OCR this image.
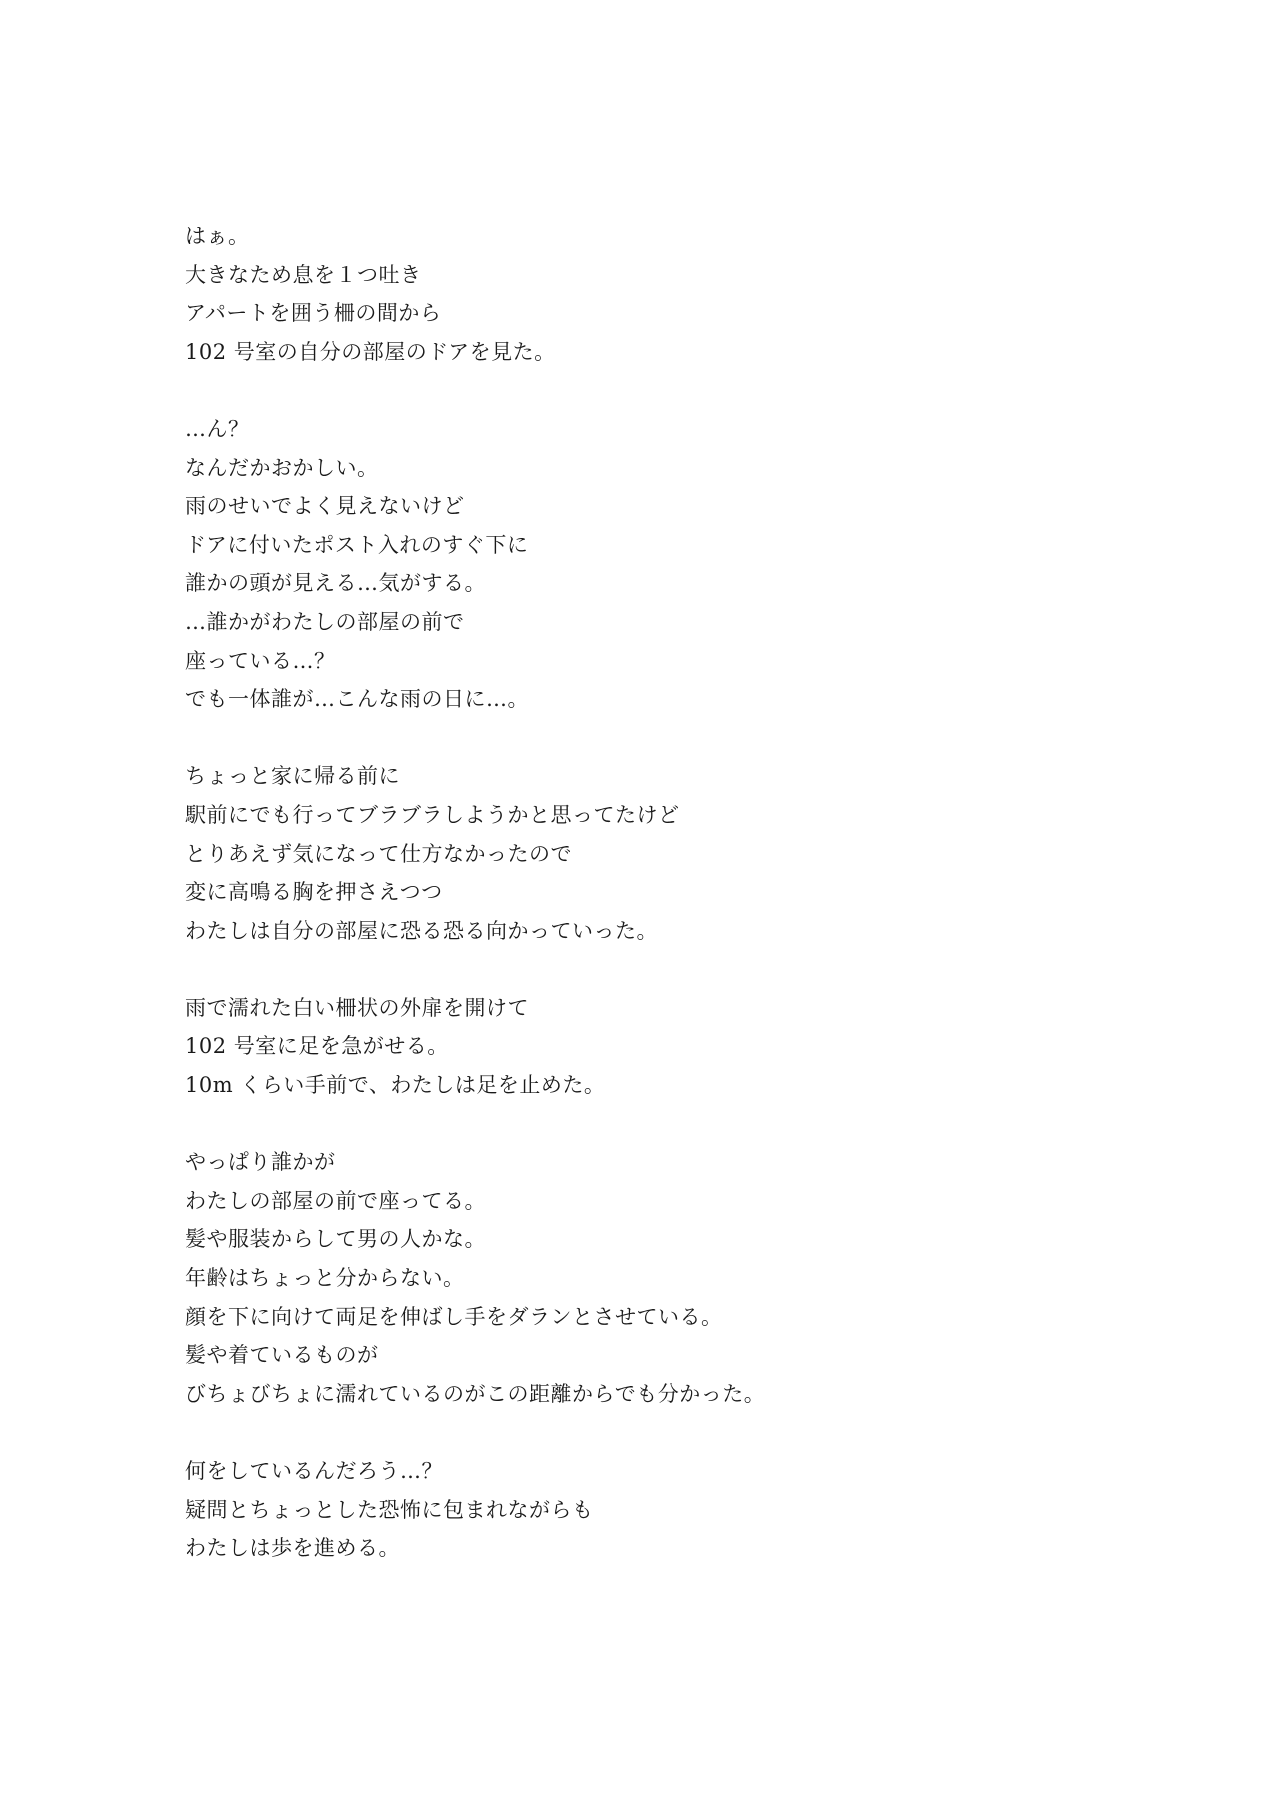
はぁ。
大きなため息を１つ吐き
アパートを囲う柵の間から
102 号室の自分の部屋のドアを見た。
…ん？
なんだかおかしい。
雨のせいでよく見えないけど
ドアに付いたポスト入れのすぐ下に
誰かの頭が見える…気がする。
…誰かがわたしの部屋の前で
座っている…？
でも一体誰が…こんな雨の日に…。
ちょっと家に帰る前に
駅前にでも行ってブラブラしようかと思ってたけど
とりあえず気になって仕方なかったので
変に高鳴る胸を押さえつつ
わたしは自分の部屋に恐る恐る向かっていった。
雨で濡れた白い柵状の外扉を開けて
102 号室に足を急がせる。
10m くらい手前で、わたしは足を止めた。
やっぱり誰かが
わたしの部屋の前で座ってる。
髪や服装からして男の人かな。
年齢はちょっと分からない。
顔を下に向けて両足を伸ばし手をダランとさせている。
髪や着ているものが
びちょびちょに濡れているのがこの距離からでも分かった。
何をしているんだろう…？
疑問とちょっとした恐怖に包まれながらも
わたしは歩を進める。
